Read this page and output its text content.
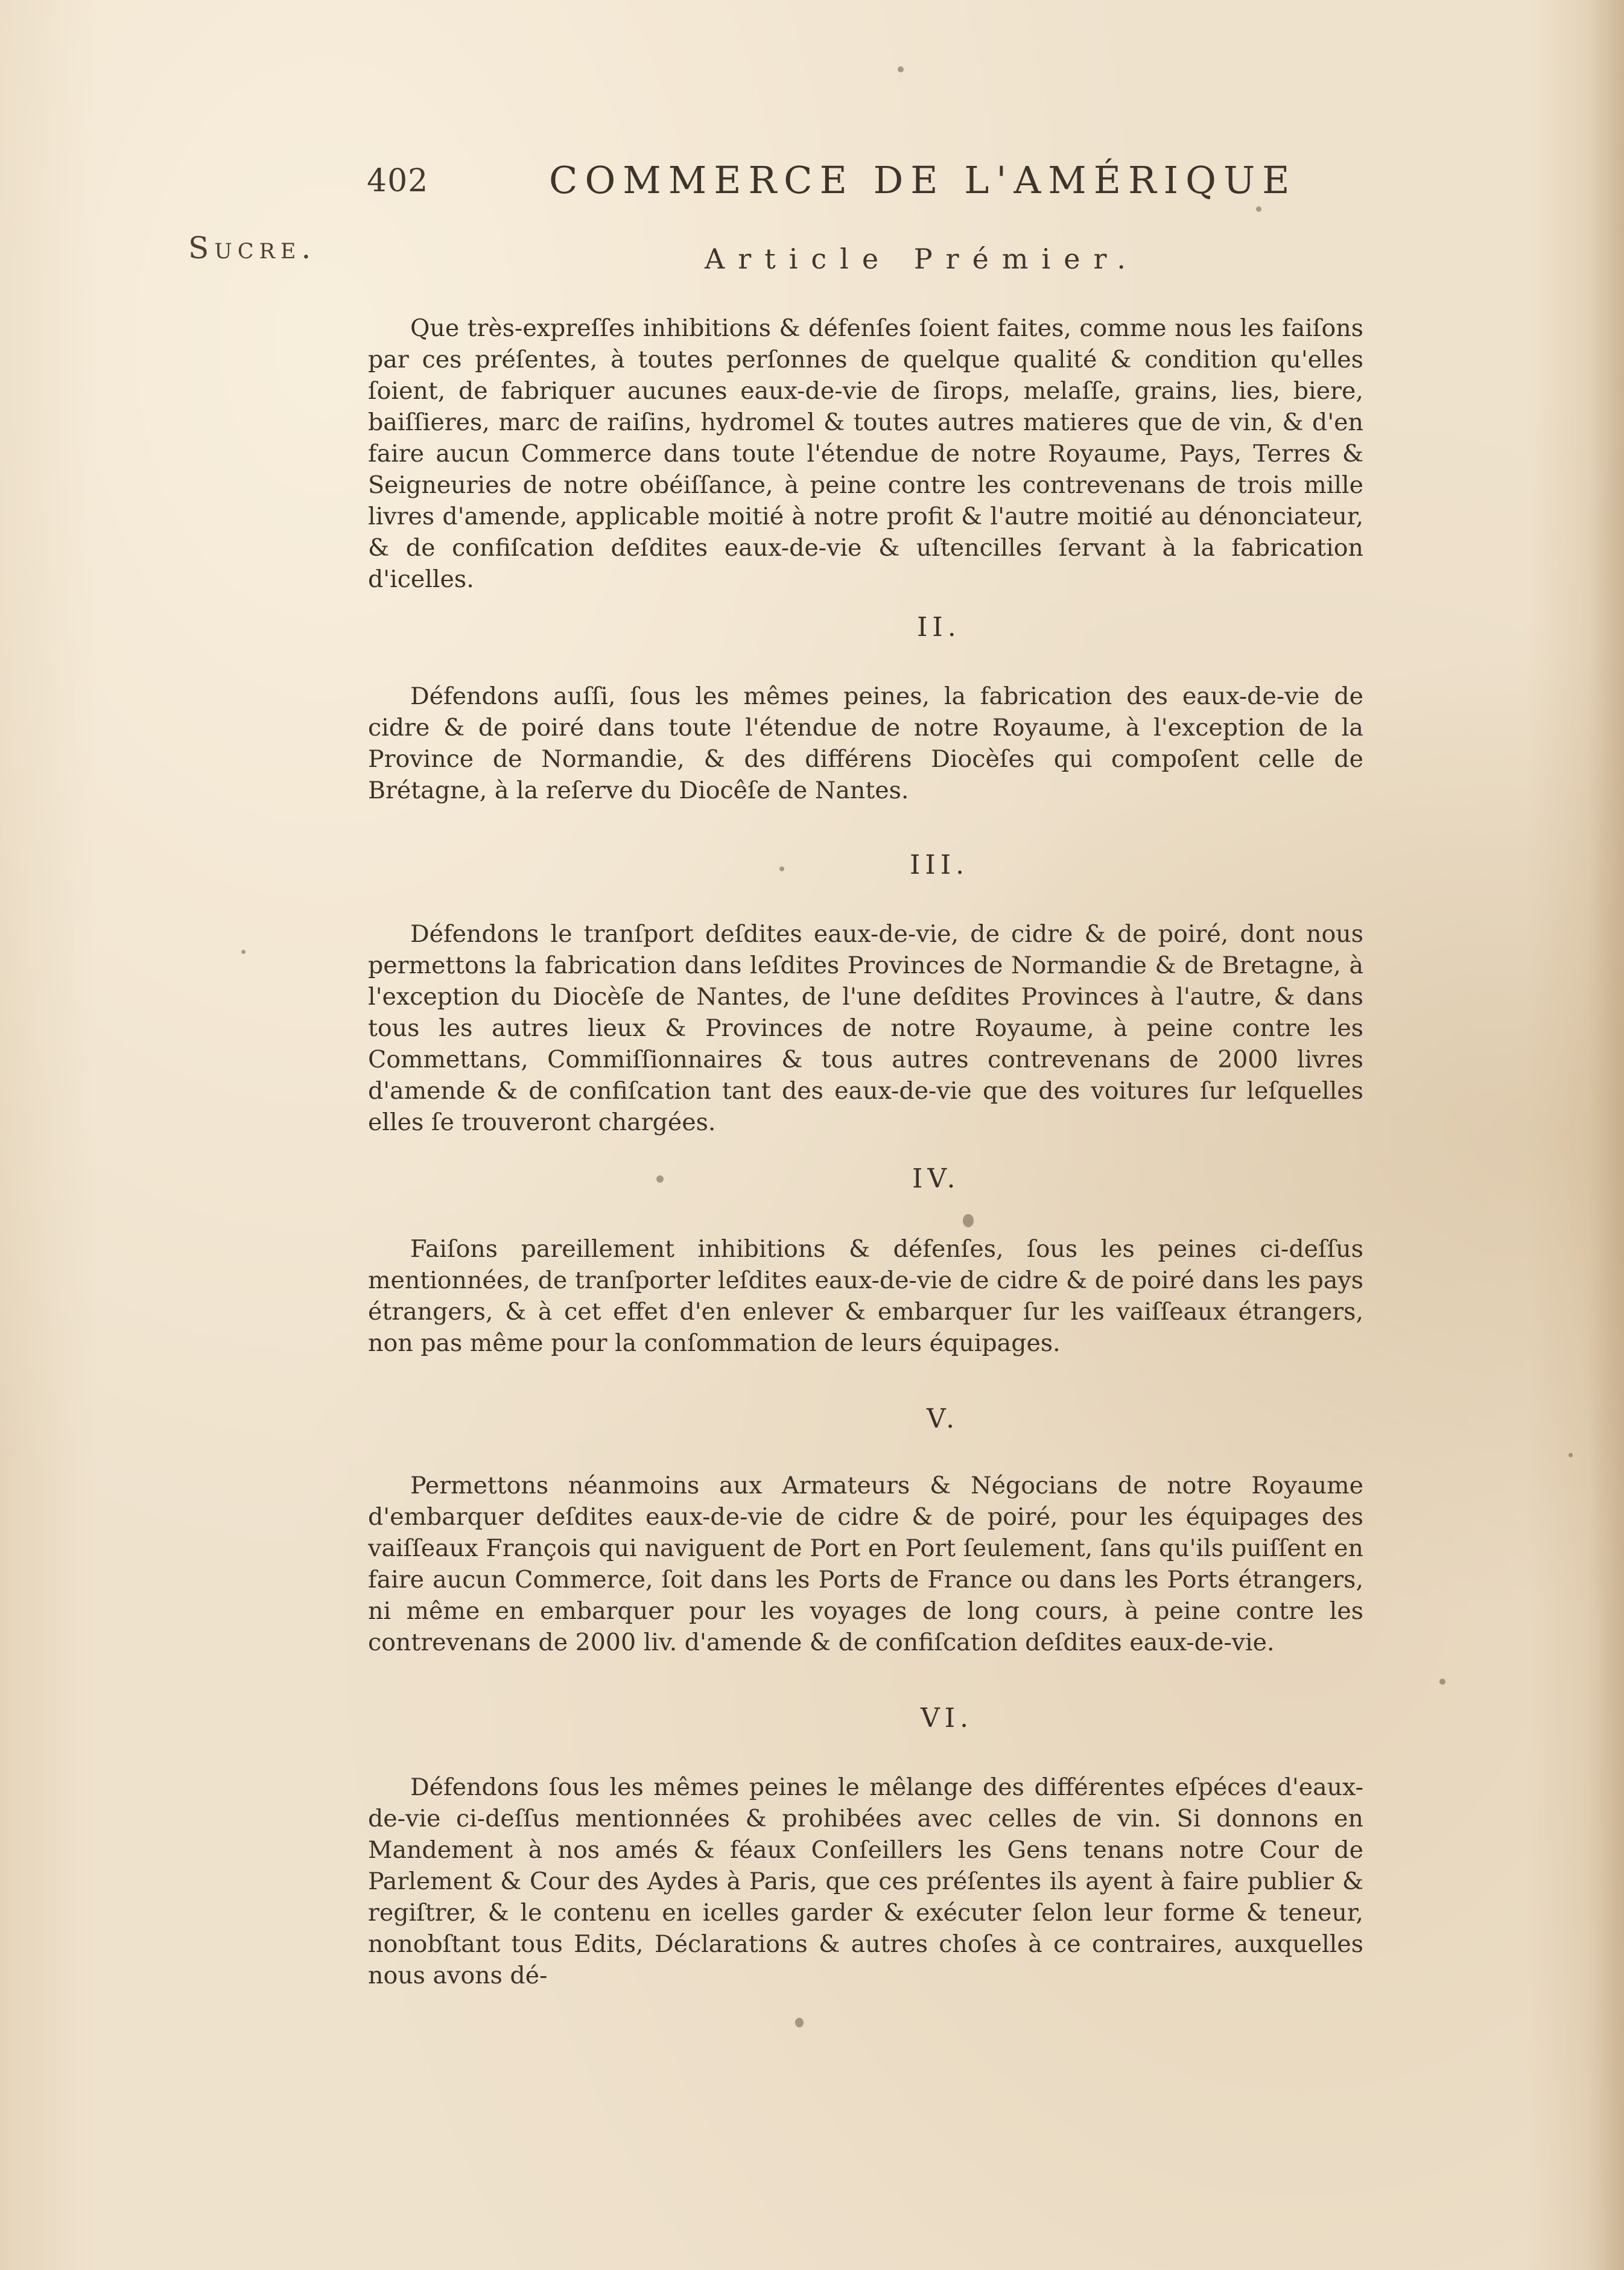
402	COMMERCE DE L'AMÉRIQUE
Sucre.	Article Prémier.

Que très-expreſſes inhibitions & défenſes ſoient faites, comme nous les faiſons par ces préſentes, à toutes perſonnes de quelque qualité & condition qu'elles ſoient, de fabriquer aucunes eaux-de-vie de ſirops, melaſſe, grains, lies, biere, baiſſieres, marc de raiſins, hydromel & toutes autres matieres que de vin, & d'en faire aucun Commerce dans toute l'étendue de notre Royaume, Pays, Terres & Seigneuries de notre obéiſſance, à peine contre les contrevenans de trois mille livres d'amende, applicable moitié à notre profit & l'autre moitié au dénonciateur, & de confiſcation deſdites eaux-de-vie & uſtencilles ſervant à la fabrication d'icelles.

II.

Défendons auſſi, ſous les mêmes peines, la fabrication des eaux-de-vie de cidre & de poiré dans toute l'étendue de notre Royaume, à l'exception de la Province de Normandie, & des différens Diocèſes qui compoſent celle de Brétagne, à la reſerve du Diocêſe de Nantes.

III.

Défendons le tranſport deſdites eaux-de-vie, de cidre & de poiré, dont nous permettons la fabrication dans leſdites Provinces de Normandie & de Bretagne, à l'exception du Diocèſe de Nantes, de l'une deſdites Provinces à l'autre, & dans tous les autres lieux & Provinces de notre Royaume, à peine contre les Commettans, Commiſſionnaires & tous autres contrevenans de 2000 livres d'amende & de confiſcation tant des eaux-de-vie que des voitures ſur leſquelles elles ſe trouveront chargées.

IV.

Faiſons pareillement inhibitions & défenſes, ſous les peines ci-deſſus mentionnées, de tranſporter leſdites eaux-de-vie de cidre & de poiré dans les pays étrangers, & à cet effet d'en enlever & embarquer ſur les vaiſſeaux étrangers, non pas même pour la conſommation de leurs équipages.

V.

Permettons néanmoins aux Armateurs & Négocians de notre Royaume d'embarquer deſdites eaux-de-vie de cidre & de poiré, pour les équipages des vaiſſeaux François qui naviguent de Port en Port ſeulement, ſans qu'ils puiſſent en faire aucun Commerce, ſoit dans les Ports de France ou dans les Ports étrangers, ni même en embarquer pour les voyages de long cours, à peine contre les contrevenans de 2000 liv. d'amende & de confiſcation deſdites eaux-de-vie.

VI.

Défendons ſous les mêmes peines le mêlange des différentes eſpéces d'eaux-de-vie ci-deſſus mentionnées & prohibées avec celles de vin. Si donnons en Mandement à nos amés & féaux Conſeillers les Gens tenans notre Cour de Parlement & Cour des Aydes à Paris, que ces préſentes ils ayent à faire publier & regiſtrer, & le contenu en icelles garder & exécuter ſelon leur forme & teneur, nonobſtant tous Edits, Déclarations & autres choſes à ce contraires, auxquelles nous avons dé-
